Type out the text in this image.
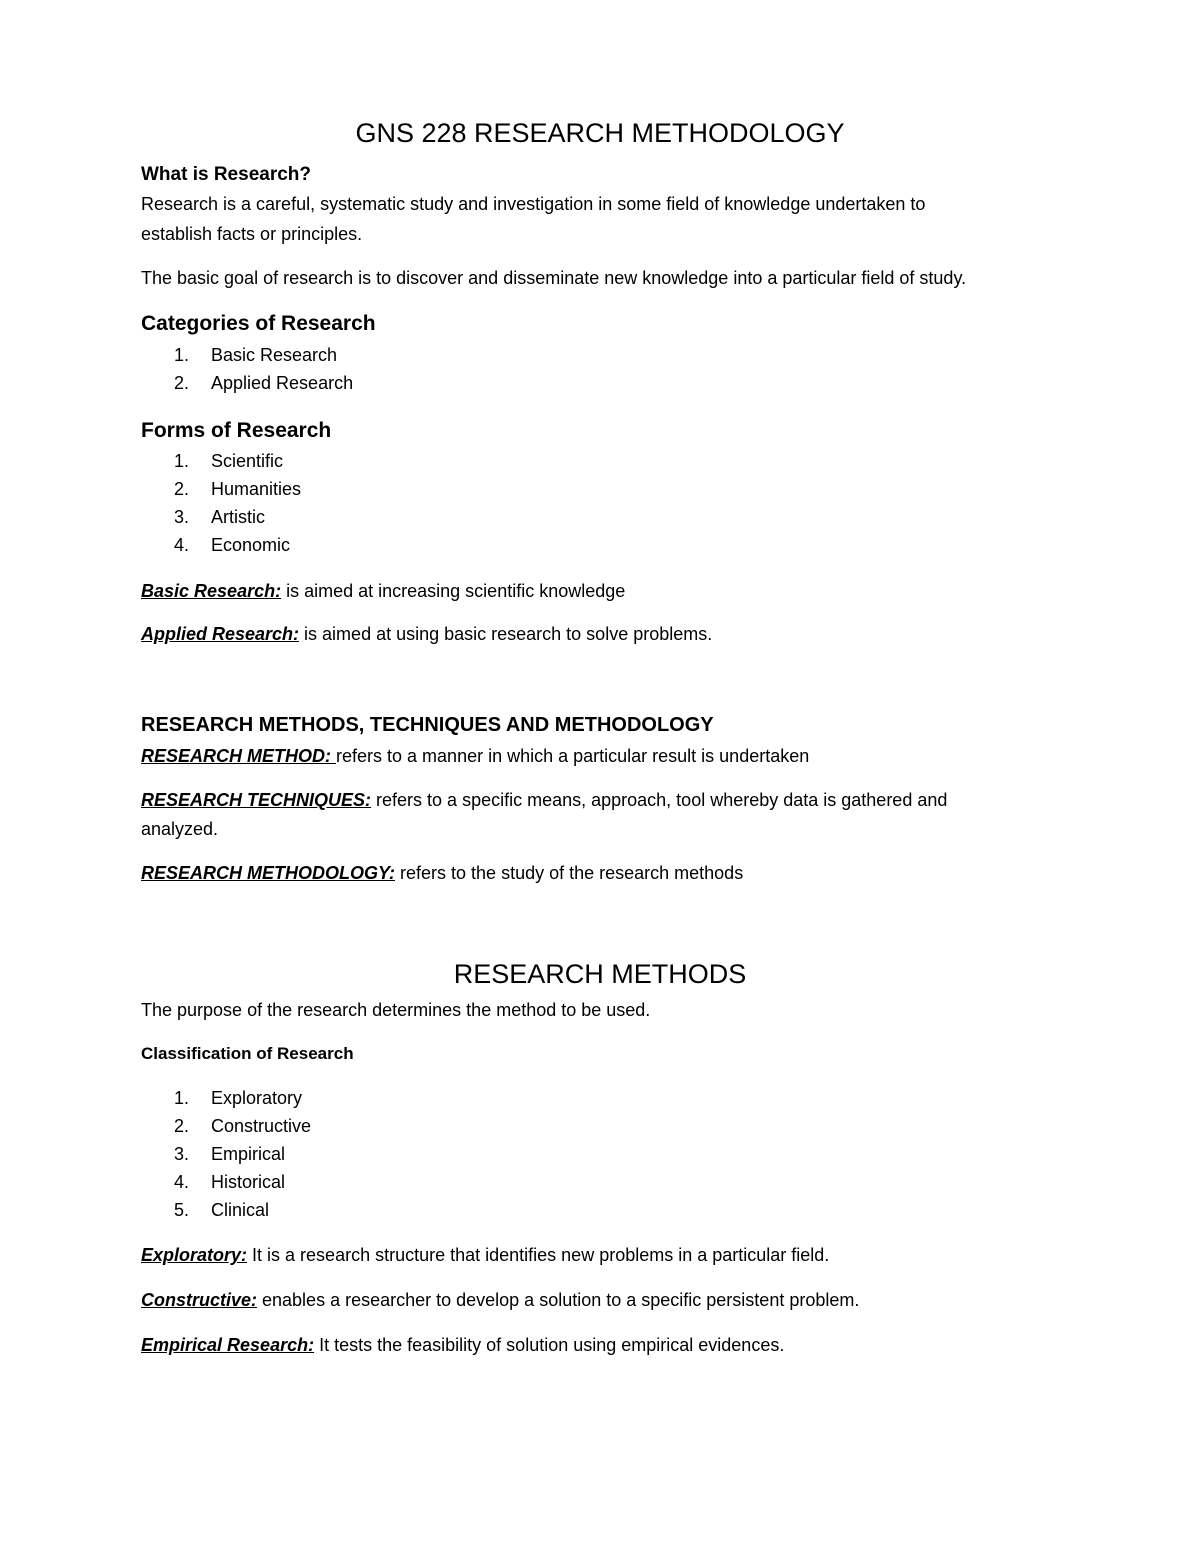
GNS 228 RESEARCH METHODOLOGY
What is Research?
Research is a careful, systematic study and investigation in some field of knowledge undertaken to
establish facts or principles.
The basic goal of research is to discover and disseminate new knowledge into a particular field of study.
Categories of Research
1. Basic Research
2. Applied Research
Forms of Research
1. Scientific
2. Humanities
3. Artistic
4. Economic
Basic Research: is aimed at increasing scientific knowledge
Applied Research: is aimed at using basic research to solve problems.
RESEARCH METHODS, TECHNIQUES AND METHODOLOGY
RESEARCH METHOD: refers to a manner in which a particular result is undertaken
RESEARCH TECHNIQUES: refers to a specific means, approach, tool whereby data is gathered and
analyzed.
RESEARCH METHODOLOGY: refers to the study of the research methods
RESEARCH METHODS
The purpose of the research determines the method to be used.
Classification of Research
1. Exploratory
2. Constructive
3. Empirical
4. Historical
5. Clinical
Exploratory: It is a research structure that identifies new problems in a particular field.
Constructive: enables a researcher to develop a solution to a specific persistent problem.
Empirical Research: It tests the feasibility of solution using empirical evidences.
